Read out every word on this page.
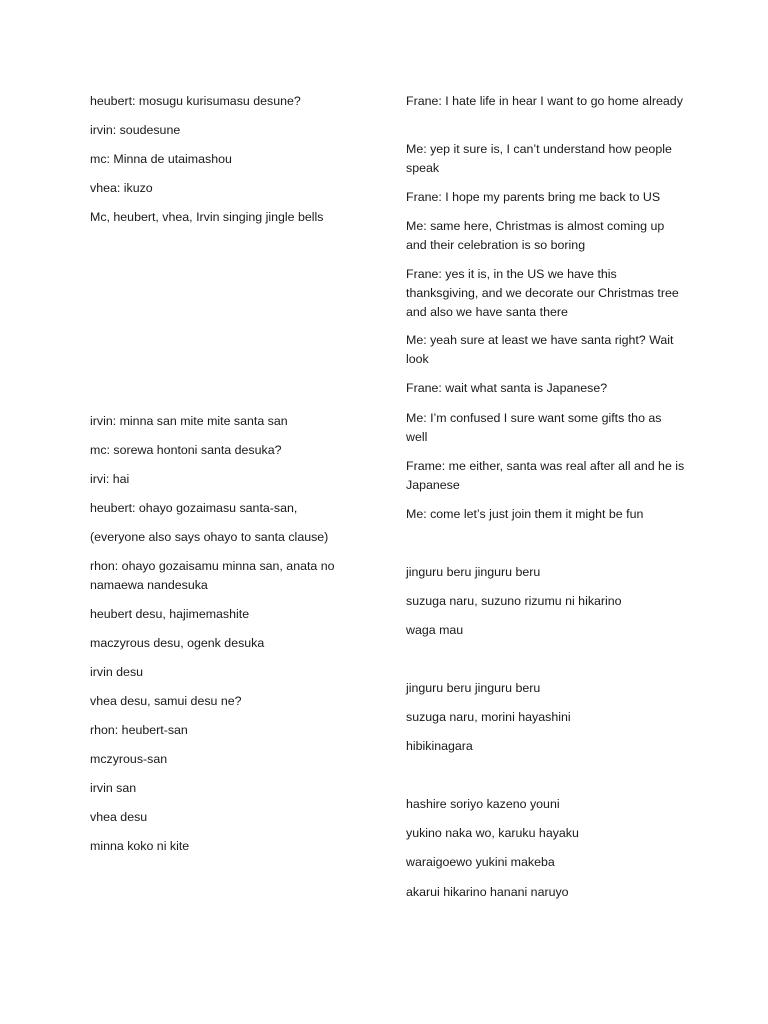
heubert: mosugu kurisumasu desune?
irvin: soudesune
mc: Minna de utaimashou
vhea: ikuzo
Mc, heubert, vhea, Irvin singing jingle bells
irvin: minna san mite mite santa san
mc: sorewa hontoni santa desuka?
irvi: hai
heubert: ohayo gozaimasu santa-san,
(everyone also says ohayo to santa clause)
rhon: ohayo gozaisamu minna san, anata no namaewa nandesuka
heubert desu, hajimemashite
maczyrous desu, ogenk desuka
irvin desu
vhea desu, samui desu ne?
rhon: heubert-san
mczyrous-san
irvin san
vhea desu
minna koko ni kite
Frane: I hate life in hear I want to go home already
Me: yep it sure is, I can’t understand how people speak
Frane: I hope my parents bring me back to US
Me: same here, Christmas is almost coming up and their celebration is so boring
Frane: yes it is, in the US we have this thanksgiving, and we decorate our Christmas tree and also we have santa there
Me: yeah sure at least we have santa right? Wait look
Frane: wait what santa is Japanese?
Me: I’m confused I sure want some gifts tho as well
Frame: me either, santa was real after all and he is Japanese
Me: come let’s just join them it might be fun
jinguru beru jinguru beru
suzuga naru, suzuno rizumu ni hikarino
waga mau
jinguru beru jinguru beru
suzuga naru, morini hayashini
hibikinagara
hashire soriyo kazeno youni
yukino naka wo, karuku hayaku
waraigoewo yukini makeba
akarui hikarino hanani naruyo
